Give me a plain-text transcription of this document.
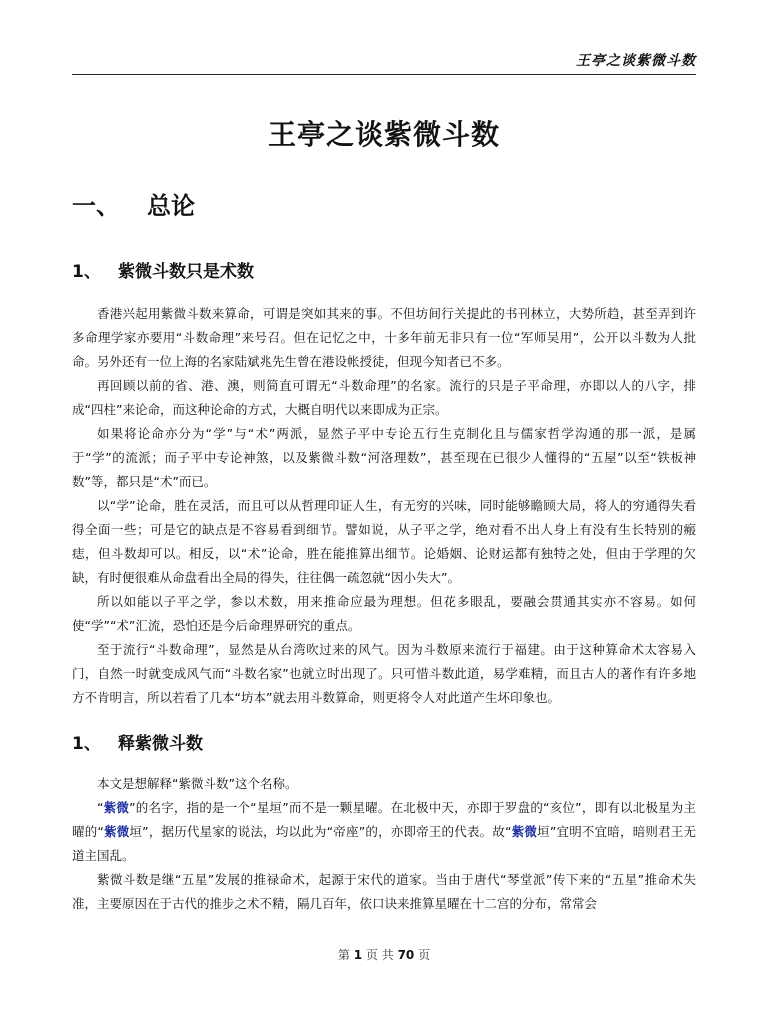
王亭之谈紫微斗数
王亭之谈紫微斗数
一、 总论
1、 紫微斗数只是术数

香港兴起用紫微斗数来算命，可谓是突如其来的事。不但坊间行关提此的书刊林立，大势所趋，甚至弄到许多命理学家亦要用“斗数命理”来号召。但在记忆之中，十多年前无非只有一位“军师吴用”，公开以斗数为人批命。另外还有一位上海的名家陆斌兆先生曾在港设帐授徒，但现今知者已不多。

再回顾以前的省、港、澳，则简直可谓无“斗数命理”的名家。流行的只是子平命理，亦即以人的八字，排成“四柱”来论命，而这种论命的方式，大概自明代以来即成为正宗。

如果将论命亦分为“学”与“术”两派，显然子平中专论五行生克制化且与儒家哲学沟通的那一派，是属于“学”的流派；而子平中专论神煞，以及紫微斗数“河洛理数”，甚至现在已很少人懂得的“五屋”以至“铁板神数”等，都只是“术”而已。

以“学”论命，胜在灵活，而且可以从哲理印证人生，有无穷的兴味，同时能够瞻顾大局，将人的穷通得失看得全面一些；可是它的缺点是不容易看到细节。譬如说，从子平之学，绝对看不出人身上有没有生长特别的瘢痣，但斗数却可以。相反，以“术”论命，胜在能推算出细节。论婚姻、论财运都有独特之处，但由于学理的欠缺，有时便很难从命盘看出全局的得失，往往偶一疏忽就“因小失大”。

所以如能以子平之学，参以术数，用来推命应最为理想。但花多眼乱，要融会贯通其实亦不容易。如何使“学”“术”汇流，恐怕还是今后命理界研究的重点。

至于流行“斗数命理”，显然是从台湾吹过来的风气。因为斗数原来流行于福建。由于这种算命术太容易入门，自然一时就变成风气而“斗数名家”也就立时出现了。只可惜斗数此道，易学难精，而且古人的著作有许多地方不肯明言，所以若看了几本“坊本”就去用斗数算命，则更将令人对此道产生坏印象也。

1、 释紫微斗数

本文是想解释“紫微斗数”这个名称。

“紫微”的名字，指的是一个“星垣”而不是一颗星曜。在北极中天，亦即于罗盘的“亥位”，即有以北极星为主曜的“紫微垣”，据历代星家的说法，均以此为“帝座”的，亦即帝王的代表。故“紫微垣”宜明不宜暗，暗则君王无道主国乱。

紫微斗数是继“五星”发展的推禄命术，起源于宋代的道家。当由于唐代“琴堂派”传下来的“五星”推命术失准，主要原因在于古代的推步之术不精，隔几百年，依口诀来推算星曜在十二宫的分布，常常会

第 1 页 共 70 页
